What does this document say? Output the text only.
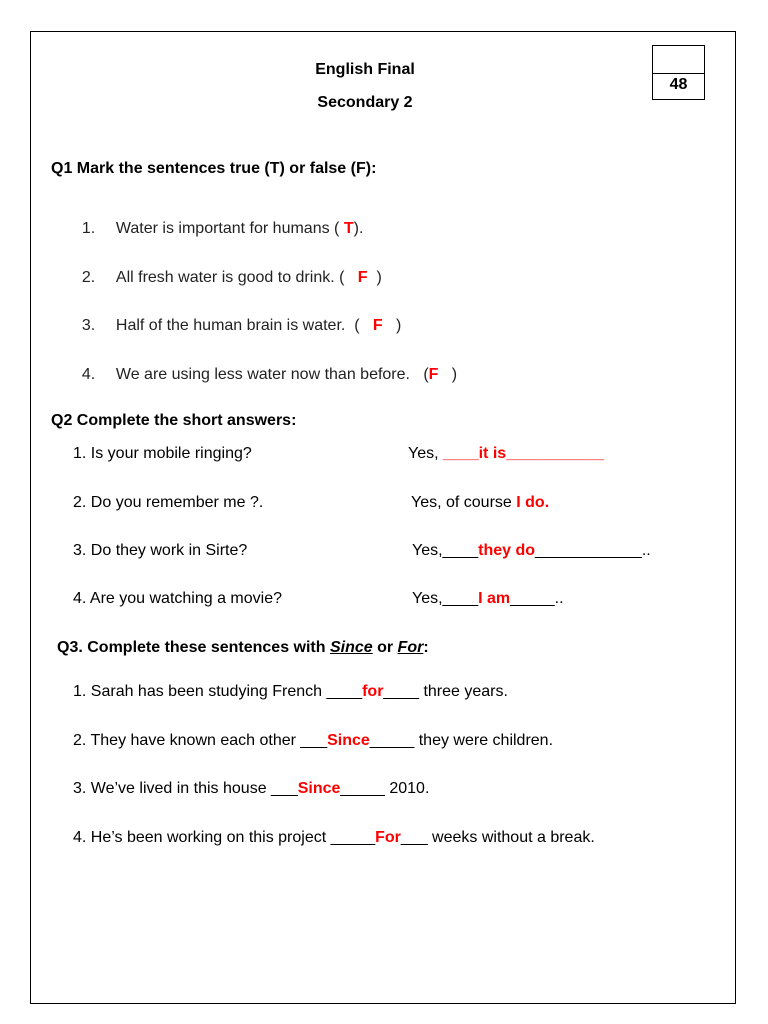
English Final
Secondary 2
48
Q1 Mark the sentences true (T) or false (F):

1. Water is important for humans ( T).

2. All fresh water is good to drink. ( F )

3. Half of the human brain is water.  ( F )

4. We are using less water now than before.   (F )

Q2 Complete the short answers:
1. Is your mobile ringing?	Yes, ____it is___________
2. Do you remember me ?.	Yes, of course I do.
3. Do they work in Sirte?	Yes,____they do____________..
4. Are you watching a movie?	Yes,____I am_____..
Q3. Complete these sentences with Since or For:
1. Sarah has been studying French ____for____ three years.
2. They have known each other ___Since_____ they were children.
3. We’ve lived in this house ___Since_____ 2010.
4. He’s been working on this project _____For___ weeks without a break.
